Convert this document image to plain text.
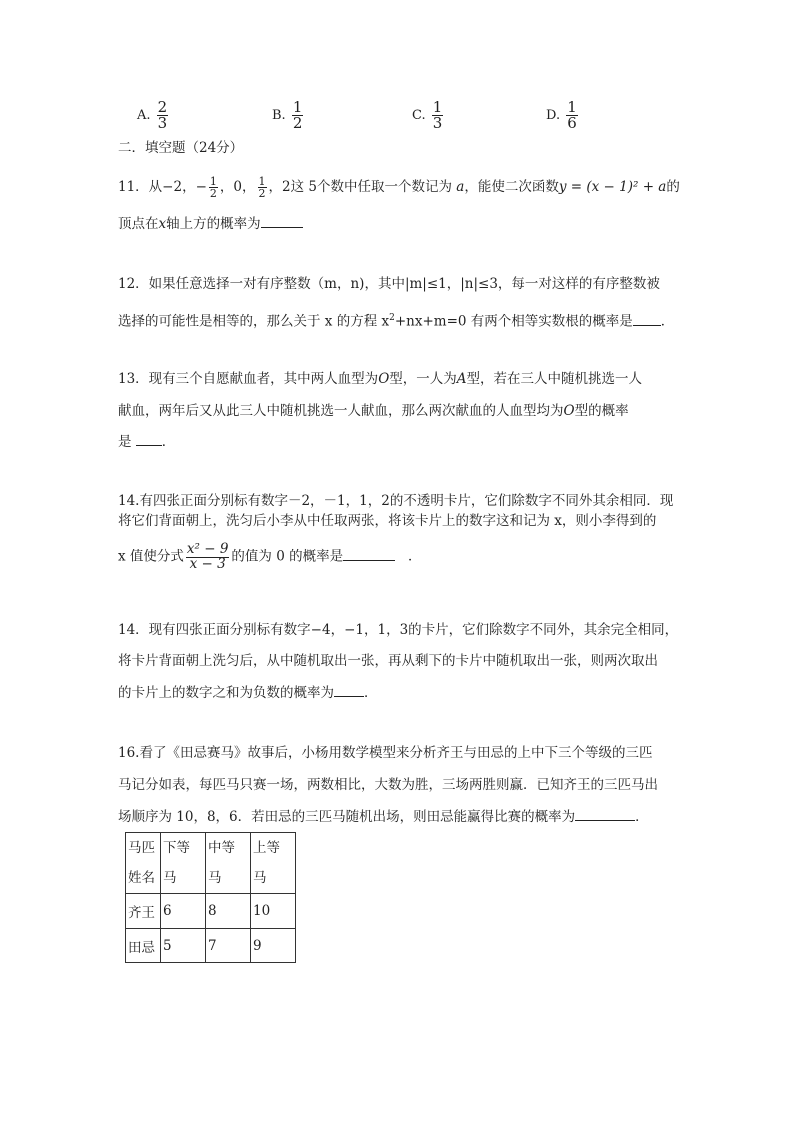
A. $\frac{2}{3}$	B. $\frac{1}{2}$	C. $\frac{1}{3}$	D. $\frac{1}{6}$
二．填空题（24分）
11．从−2，− $\frac{1}{2}$ ，0， $\frac{1}{2}$ ，2这 5个数中任取一个数记为 a，能使二次函数y = (x − 1)² + a的
顶点在x轴上方的概率为
12．如果任意选择一对有序整数（m，n)，其中|m|≤1，|n|≤3，每一对这样的有序整数被
选择的可能性是相等的，那么关于 x 的方程 $x^2+nx+m=0$ 有两个相等实数根的概率是 ．
13．现有三个自愿献血者，其中两人血型为O型，一人为A型，若在三人中随机挑选一人
献血，两年后又从此三人中随机挑选一人献血，那么两次献血的人血型均为O型的概率
是 ．
14.有四张正面分别标有数字－2，－1，1，2的不透明卡片，它们除数字不同外其余相同．现
将它们背面朝上，洗匀后小李从中任取两张，将该卡片上的数字这和记为 x，则小李得到的
x 值使分式 $\frac{\text{x² − 9}}{x - 3}$ 的值为 0 的概率是	．
14．现有四张正面分别标有数字−4，−1，1，3的卡片，它们除数字不同外，其余完全相同，
将卡片背面朝上洗匀后，从中随机取出一张，再从剩下的卡片中随机取出一张，则两次取出
的卡片上的数字之和为负数的概率为 ．
16.看了《田忌赛马》故事后，小杨用数学模型来分析齐王与田忌的上中下三个等级的三匹
马记分如表，每匹马只赛一场，两数相比，大数为胜，三场两胜则赢．已知齐王的三匹马出
场顺序为 10，8，6．若田忌的三匹马随机出场，则田忌能赢得比赛的概率为	．
马匹
姓名	下等马	中等马	上等马
齐王	6	8	10
田忌	5	7	9
